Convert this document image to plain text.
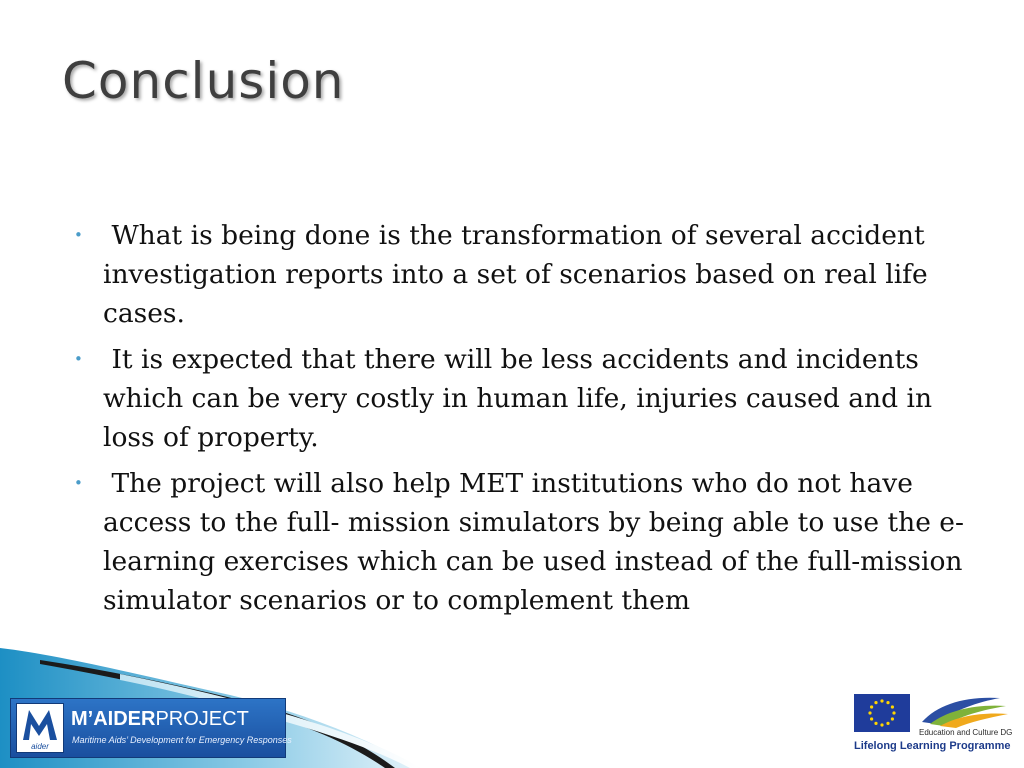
Conclusion
• What is being done is the transformation of several accident investigation reports into a set of scenarios based on real life cases.
• It is expected that there will be less accidents and incidents which can be very costly in human life, injuries caused and in loss of property.
• The project will also help MET institutions who do not have access to the full- mission simulators by being able to use the e-learning exercises which can be used instead of the full-mission simulator scenarios or to complement them
aider
M’AIDERPROJECT
Maritime Aids’ Development for Emergency Responses
Education and Culture DG
Lifelong Learning Programme
